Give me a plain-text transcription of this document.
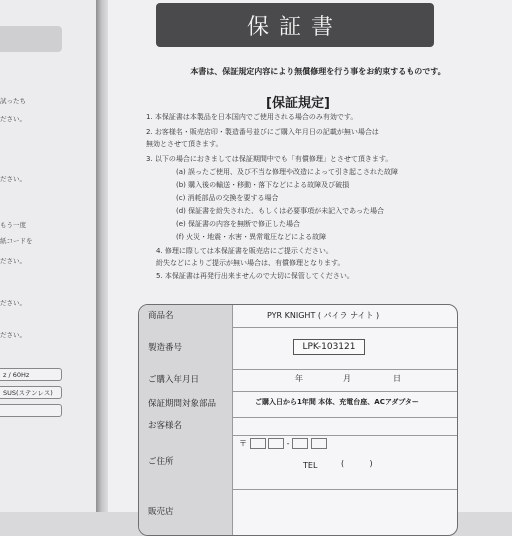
試ったち
ださい。
ださい。
もう一度
紙コードを
ださい。
ださい。
ださい。
z / 60Hz
SUS(ステンレス)
保証書
本書は、保証規定内容により無償修理を行う事をお約束するものです。
[保証規定]
1. 本保証書は本製品を日本国内でご使用される場合のみ有効です。
2. お客様名・販売店印・製造番号並びにご購入年月日の記載が無い場合は
無効とさせて頂きます。
3. 以下の場合におきましては保証期間中でも「有償修理」とさせて頂きます。
(a) 誤ったご使用、及び不当な修理や改造によって引き起こされた故障
(b) 購入後の輸送・移動・落下などによる故障及び破損
(c) 消耗部品の交換を要する場合
(d) 保証書を紛失された、もしくは必要事項が未記入であった場合
(e) 保証書の内容を無断で修正した場合
(f) 火災・地震・水害・異常電圧などによる故障
4. 修理に際しては本保証書を販売店にご提示ください。
紛失などによりご提示が無い場合は、有償修理となります。
5. 本保証書は再発行出来ませんので大切に保管してください。
商品名	PYR KNIGHT ( パイラ ナイト )
製造番号	LPK-103121
ご購入年月日	年	月	日
保証期間対象部品	ご購入日から1年間 本体、充電台座、ACアダプター
お客様名
ご住所
〒	-
TEL	(          )
販売店
